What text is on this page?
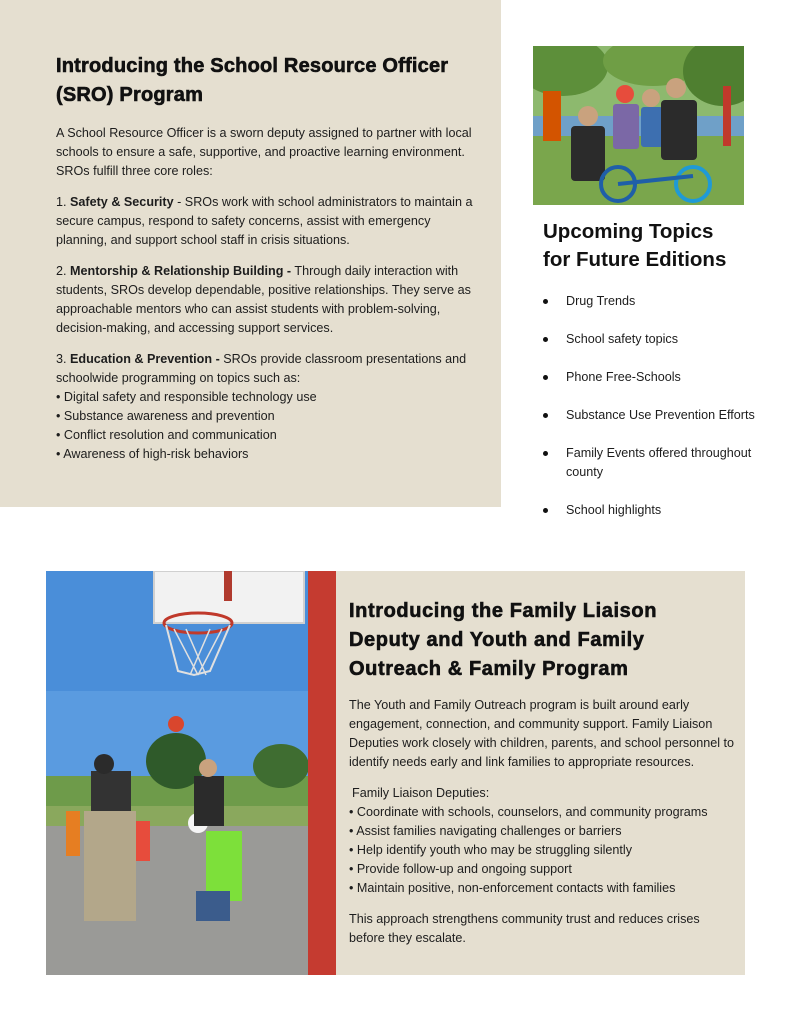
Introducing the School Resource Officer
(SRO) Program

A School Resource Officer is a sworn deputy assigned to partner with local schools to ensure a safe, supportive, and proactive learning environment. SROs fulfill three core roles:

1. Safety & Security - SROs work with school administrators to maintain a secure campus, respond to safety concerns, assist with emergency planning, and support school staff in crisis situations.

2. Mentorship & Relationship Building - Through daily interaction with students, SROs develop dependable, positive relationships. They serve as approachable mentors who can assist students with problem-solving, decision-making, and accessing support services.

3. Education & Prevention - SROs provide classroom presentations and schoolwide programming on topics such as:

• Digital safety and responsible technology use
• Substance awareness and prevention
• Conflict resolution and communication
• Awareness of high-risk behaviors
Upcoming Topics
for Future Editions
Drug Trends
School safety topics
Phone Free-Schools
Substance Use Prevention Efforts
Family Events offered throughout county
School highlights
Introducing the Family Liaison
Deputy and Youth and Family
Outreach & Family Program

The Youth and Family Outreach program is built around early engagement, connection, and community support. Family Liaison Deputies work closely with children, parents, and school personnel to identify needs early and link families to appropriate resources.

Family Liaison Deputies:
• Coordinate with schools, counselors, and community programs
• Assist families navigating challenges or barriers
• Help identify youth who may be struggling silently
• Provide follow-up and ongoing support
• Maintain positive, non-enforcement contacts with families

This approach strengthens community trust and reduces crises before they escalate.
